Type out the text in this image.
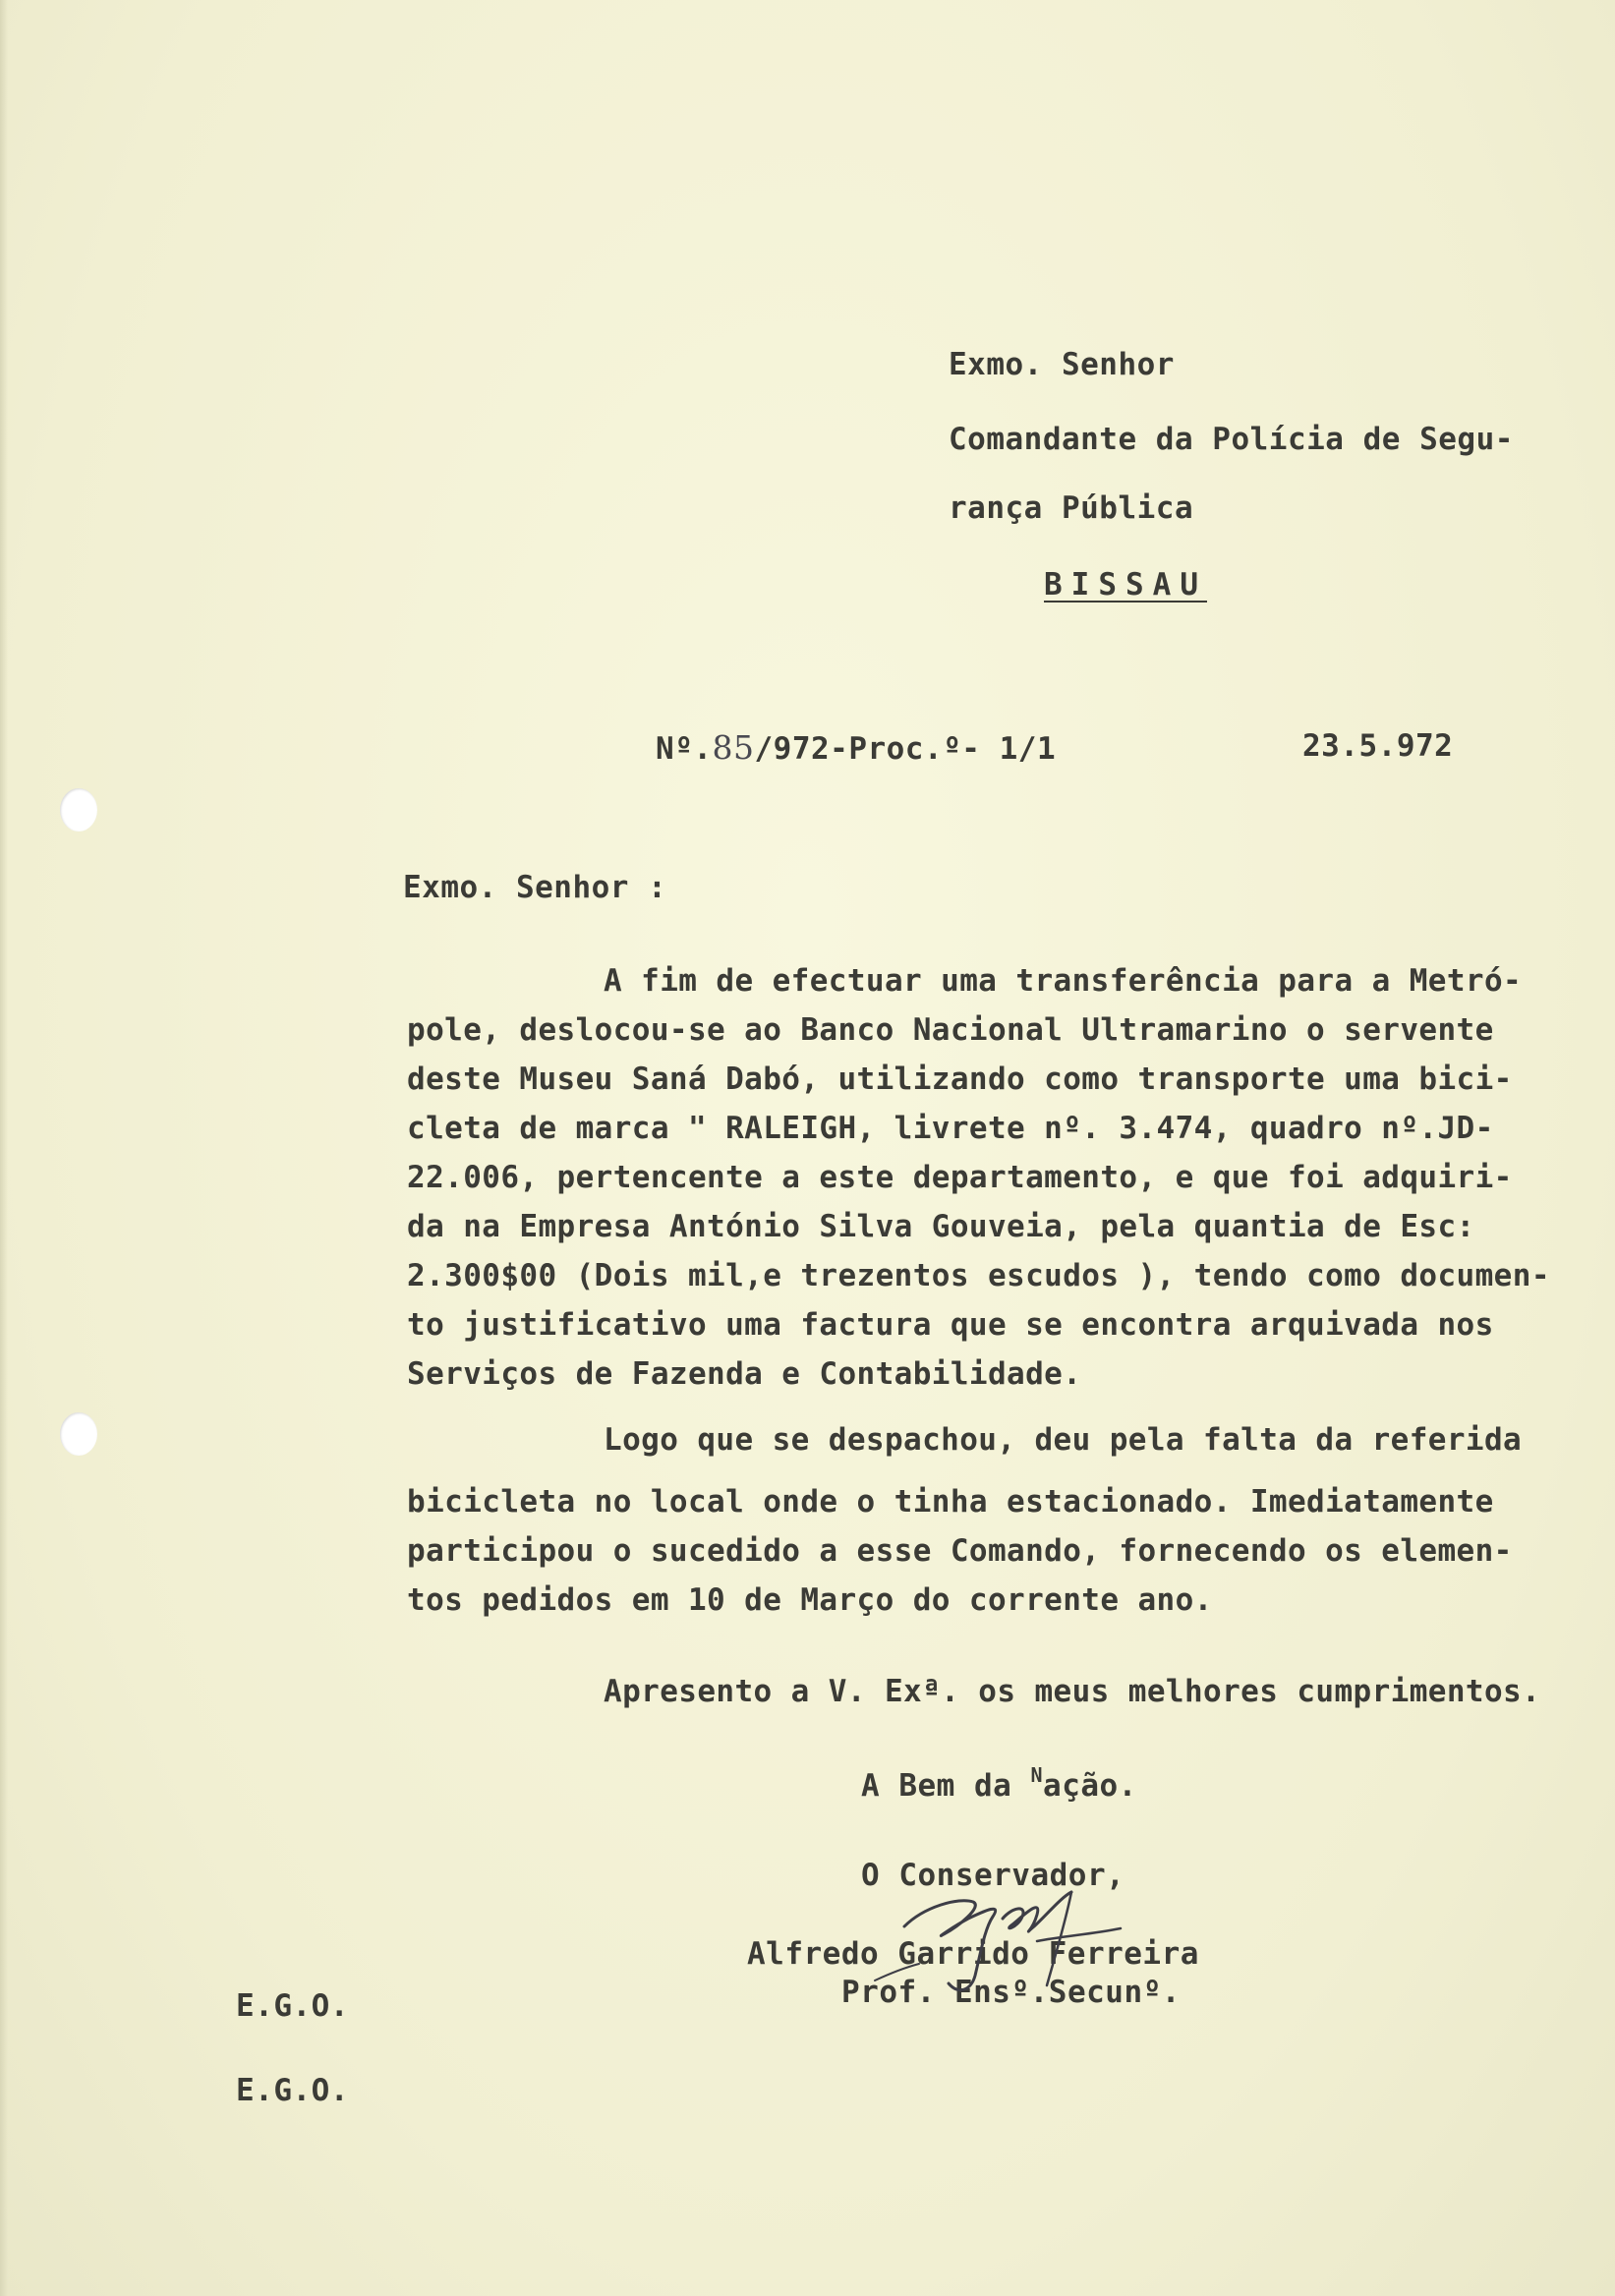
Exmo. Senhor
Comandante da Polícia de Segu-
rança Pública
BISSAU
Nº.85/972-Proc.º- 1/1	23.5.972
Exmo. Senhor :
A fim de efectuar uma transferência para a Metró-
pole, deslocou-se ao Banco Nacional Ultramarino o servente
deste Museu Saná Dabó, utilizando como transporte uma bici-
cleta de marca " RALEIGH, livrete nº. 3.474, quadro nº.JD-
22.006, pertencente a este departamento, e que foi adquiri-
da na Empresa António Silva Gouveia, pela quantia de Esc:
2.300$00 (Dois mil,e trezentos escudos ), tendo como documen-
to justificativo uma factura que se encontra arquivada nos
Serviços de Fazenda e Contabilidade.
Logo que se despachou, deu pela falta da referida
bicicleta no local onde o tinha estacionado. Imediatamente
participou o sucedido a esse Comando, fornecendo os elemen-
tos pedidos em 10 de Março do corrente ano.
Apresento a V. Exª. os meus melhores cumprimentos.
A Bem da $^N$ação.
O Conservador,
Alfredo Garrido Ferreira
Prof. Ensº.Secunº.
E.G.O.
E.G.O.
